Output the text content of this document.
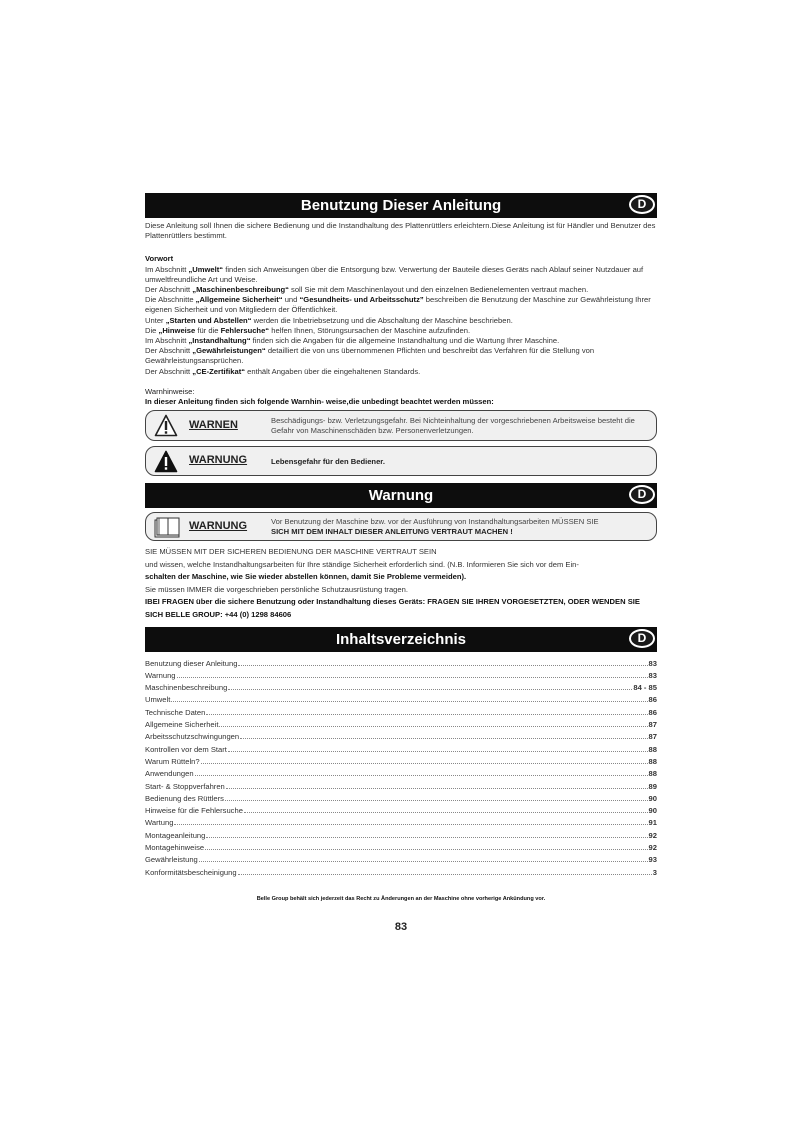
Benutzung Dieser Anleitung	D

Diese Anleitung soll Ihnen die sichere Bedienung und die Instandhaltung des Plattenrüttlers erleichtern.Diese Anleitung ist für Händler und Benutzer des Plattenrüttlers bestimmt.

Vorwort

Im Abschnitt „Umwelt“ finden sich Anweisungen über die Entsorgung bzw. Verwertung der Bauteile dieses Geräts nach Ablauf seiner Nutzdauer auf umweltfreundliche Art und Weise.

Der Abschnitt „Maschinenbeschreibung“ soll Sie mit dem Maschinenlayout und den einzelnen Bedienelementen vertraut machen.

Die Abschnitte „Allgemeine Sicherheit“ und “Gesundheits- und Arbeitsschutz” beschreiben die Benutzung der Maschine zur Gewährleistung Ihrer eigenen Sicherheit und von Mitgliedern der Öffentlichkeit.

Unter „Starten und Abstellen“ werden die Inbetriebsetzung und die Abschaltung der Maschine beschrieben.

Die „Hinweise für die Fehlersuche“ helfen Ihnen, Störungsursachen der Maschine aufzufinden.

Im Abschnitt „Instandhaltung“ finden sich die Angaben für die allgemeine Instandhaltung und die Wartung Ihrer Maschine.

Der Abschnitt „Gewährleistungen“ detailliert die von uns übernommenen Pflichten und beschreibt das Verfahren für die Stellung von Gewährleistungsansprüchen.

Der Abschnitt „CE-Zertifikat“ enthält Angaben über die eingehaltenen Standards.

Warnhinweise:

In dieser Anleitung finden sich folgende Warnhin- weise,die unbedingt beachtet werden müssen:

WARNEN	Beschädigungs- bzw. Verletzungsgefahr. Bei Nichteinhaltung der vorgeschriebenen Arbeitsweise besteht die Gefahr von Maschinenschäden bzw. Personenverletzungen.
WARNUNG	Lebensgefahr für den Bediener.
Warnung	D
WARNUNG	Vor Benutzung der Maschine bzw. vor der Ausführung von Instandhaltungsarbeiten MÜSSEN SIE
SICH MIT DEM INHALT DIESER ANLEITUNG VERTRAUT MACHEN !

SIE MÜSSEN MIT DER SICHEREN BEDIENUNG DER MASCHINE VERTRAUT SEIN

und wissen, welche Instandhaltungsarbeiten für Ihre ständige Sicherheit erforderlich sind. (N.B. Informieren Sie sich vor dem Ein-

schalten der Maschine, wie Sie wieder abstellen können, damit Sie Probleme vermeiden).

Sie müssen IMMER die vorgeschrieben persönliche Schutzausrüstung tragen.

IBEI FRAGEN über die sichere Benutzung oder Instandhaltung dieses Geräts: FRAGEN SIE IHREN VORGESETZTEN, ODER WENDEN SIE SICH BELLE GROUP: +44 (0) 1298 84606

Inhaltsverzeichnis	D
Benutzung dieser Anleitung	83
Warnung	83
Maschinenbeschreibung	84 - 85
Umwelt	86
Technische Daten	86
Allgemeine Sicherheit	87
Arbeitsschutzschwingungen	87
Kontrollen vor dem Start	88
Warum Rütteln?	88
Anwendungen	88
Start- & Stoppverfahren	89
Bedienung des Rüttlers	90
Hinweise für die Fehlersuche	90
Wartung	91
Montageanleitung	92
Montagehinweise	92
Gewährleistung	93
Konformitätsbescheinigung	3

Belle Group behält sich jederzeit das Recht zu Änderungen an der Maschine ohne vorherige Ankündung vor.

83
